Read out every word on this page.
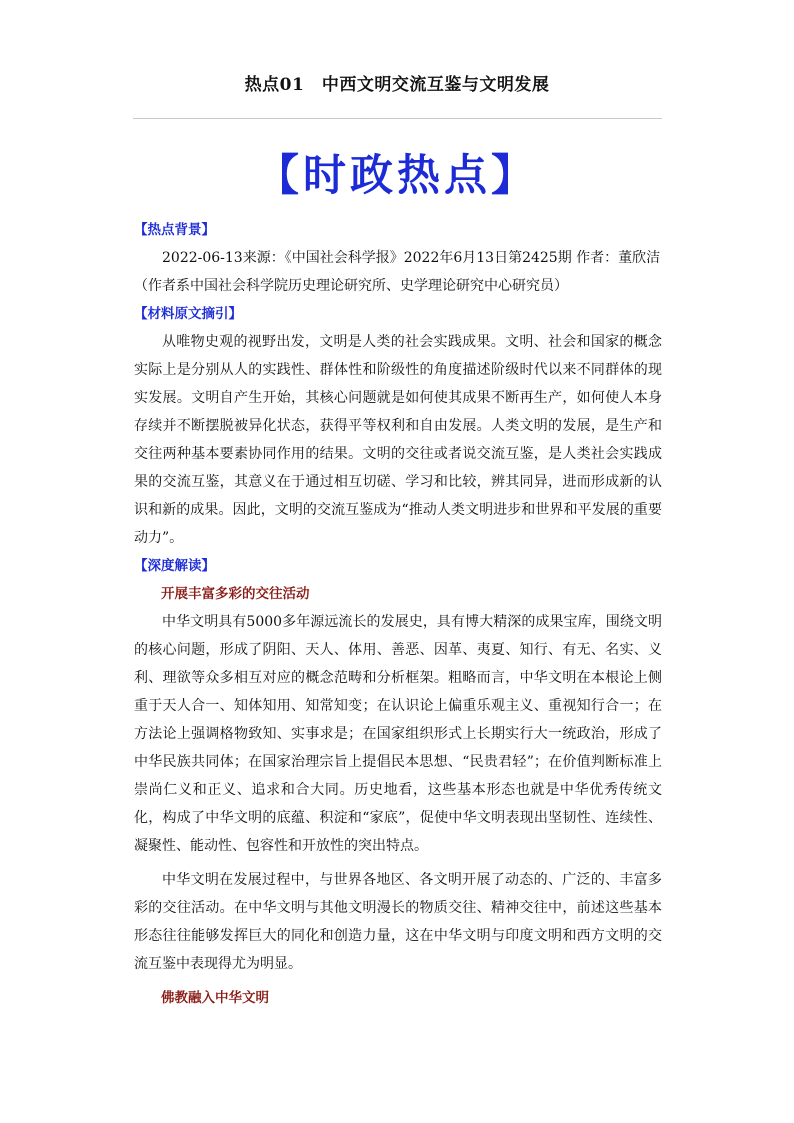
热点01　中西文明交流互鉴与文明发展
【时政热点】

【热点背景】

2022-06-13来源：《中国社会科学报》2022年6月13日第2425期 作者：董欣洁

（作者系中国社会科学院历史理论研究所、史学理论研究中心研究员）

【材料原文摘引】

从唯物史观的视野出发，文明是人类的社会实践成果。文明、社会和国家的概念实际上是分别从人的实践性、群体性和阶级性的角度描述阶级时代以来不同群体的现实发展。文明自产生开始，其核心问题就是如何使其成果不断再生产，如何使人本身存续并不断摆脱被异化状态，获得平等权利和自由发展。人类文明的发展，是生产和交往两种基本要素协同作用的结果。文明的交往或者说交流互鉴，是人类社会实践成果的交流互鉴，其意义在于通过相互切磋、学习和比较，辨其同异，进而形成新的认识和新的成果。因此，文明的交流互鉴成为“推动人类文明进步和世界和平发展的重要动力”。

【深度解读】

开展丰富多彩的交往活动

中华文明具有5000多年源远流长的发展史，具有博大精深的成果宝库，围绕文明的核心问题，形成了阴阳、天人、体用、善恶、因革、夷夏、知行、有无、名实、义利、理欲等众多相互对应的概念范畴和分析框架。粗略而言，中华文明在本根论上侧重于天人合一、知体知用、知常知变；在认识论上偏重乐观主义、重视知行合一；在方法论上强调格物致知、实事求是；在国家组织形式上长期实行大一统政治，形成了中华民族共同体；在国家治理宗旨上提倡民本思想、“民贵君轻”；在价值判断标准上崇尚仁义和正义、追求和合大同。历史地看，这些基本形态也就是中华优秀传统文化，构成了中华文明的底蕴、积淀和“家底”，促使中华文明表现出坚韧性、连续性、凝聚性、能动性、包容性和开放性的突出特点。

中华文明在发展过程中，与世界各地区、各文明开展了动态的、广泛的、丰富多彩的交往活动。在中华文明与其他文明漫长的物质交往、精神交往中，前述这些基本形态往往能够发挥巨大的同化和创造力量，这在中华文明与印度文明和西方文明的交流互鉴中表现得尤为明显。

佛教融入中华文明
